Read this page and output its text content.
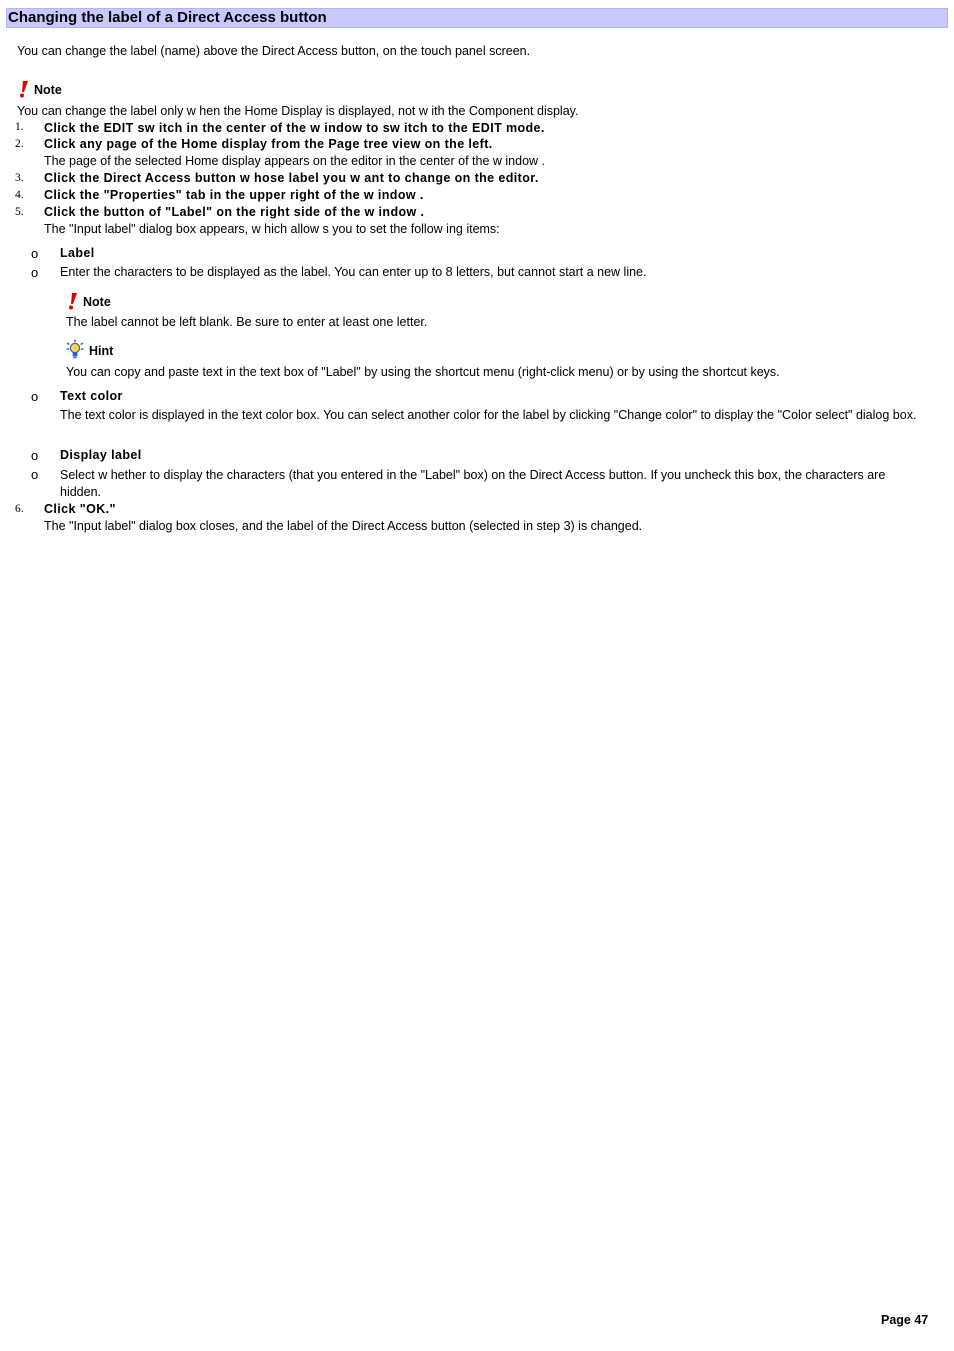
Changing the label of a Direct Access button
You can change the label (name) above the Direct Access button, on the touch panel screen.
Note
You can change the label only w hen the Home Display is displayed, not w ith the Component display.
1. Click the EDIT sw itch in the center of the w indow to sw itch to the EDIT mode.
2. Click any page of the Home display from the Page tree view on the left.
The page of the selected Home display appears on the editor in the center of the w indow .
3. Click the Direct Access button w hose label you w ant to change on the editor.
4. Click the "Properties" tab in the upper right of the w indow .
5. Click the button of "Label" on the right side of the w indow .
The "Input label" dialog box appears, w hich allow s you to set the follow ing items:
o Label
o Enter the characters to be displayed as the label. You can enter up to 8 letters, but cannot start a new line.
Note
The label cannot be left blank. Be sure to enter at least one letter.
Hint
You can copy and paste text in the text box of "Label" by using the shortcut menu (right-click menu) or by using the shortcut keys.
o Text color
The text color is displayed in the text color box. You can select another color for the label by clicking "Change color" to display the "Color select" dialog box.
o Display label
o Select w hether to display the characters (that you entered in the "Label" box) on the Direct Access button. If you uncheck this box, the characters are hidden.
6. Click "OK."
The "Input label" dialog box closes, and the label of the Direct Access button (selected in step 3) is changed.
Page 47
